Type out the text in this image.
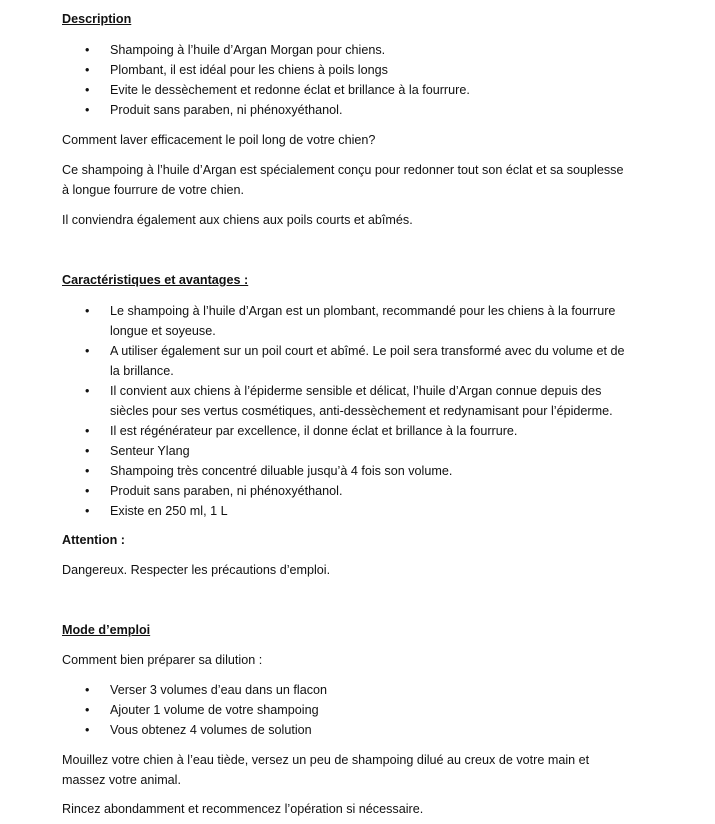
Description
• Shampoing à l’huile d’Argan Morgan pour chiens.
• Plombant, il est idéal pour les chiens à poils longs
• Evite le dessèchement et redonne éclat et brillance à la fourrure.
• Produit sans paraben, ni phénoxyéthanol.
Comment laver efficacement le poil long de votre chien?
Ce shampoing à l’huile d’Argan est spécialement conçu pour redonner tout son éclat et sa souplesse
à longue fourrure de votre chien.
Il conviendra également aux chiens aux poils courts et abîmés.
Caractéristiques et avantages :
• Le shampoing à l’huile d’Argan est un plombant, recommandé pour les chiens à la fourrure
longue et soyeuse.
• A utiliser également sur un poil court et abîmé. Le poil sera transformé avec du volume et de
la brillance.
• Il convient aux chiens à l’épiderme sensible et délicat, l’huile d’Argan connue depuis des
siècles pour ses vertus cosmétiques, anti-dessèchement et redynamisant pour l’épiderme.
• Il est régénérateur par excellence, il donne éclat et brillance à la fourrure.
• Senteur Ylang
• Shampoing très concentré diluable jusqu’à 4 fois son volume.
• Produit sans paraben, ni phénoxyéthanol.
• Existe en 250 ml, 1 L
Attention :
Dangereux. Respecter les précautions d’emploi.
Mode d’emploi
Comment bien préparer sa dilution :
• Verser 3 volumes d’eau dans un flacon
• Ajouter 1 volume de votre shampoing
• Vous obtenez 4 volumes de solution
Mouillez votre chien à l’eau tiède, versez un peu de shampoing dilué au creux de votre main et
massez votre animal.
Rincez abondamment et recommencez l’opération si nécessaire.
